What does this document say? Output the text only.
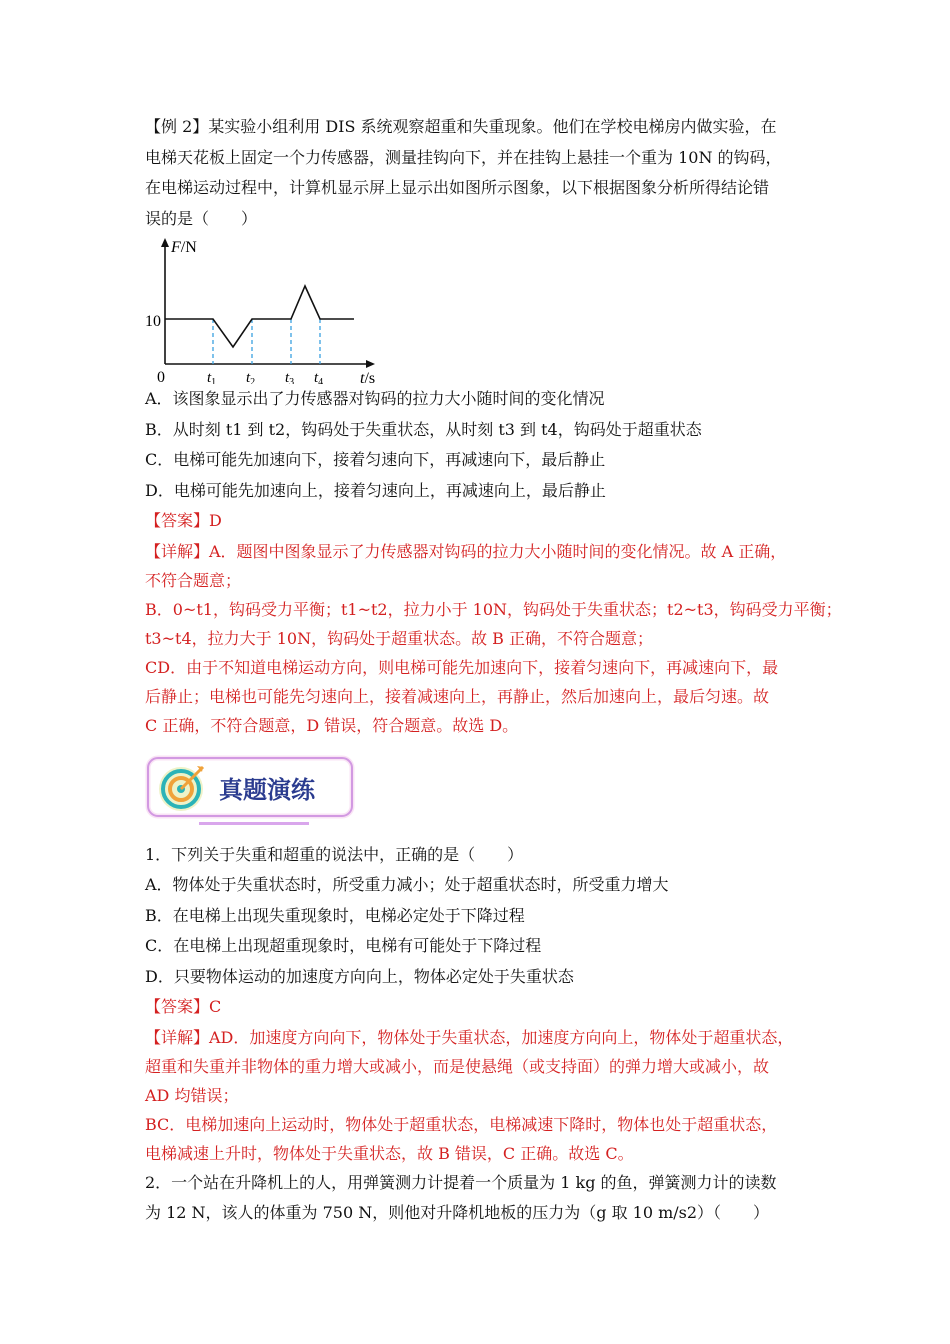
【例 2】某实验小组利用 DIS 系统观察超重和失重现象。他们在学校电梯房内做实验，在
电梯天花板上固定一个力传感器，测量挂钩向下，并在挂钩上悬挂一个重为 10N 的钩码，
在电梯运动过程中，计算机显示屏上显示出如图所示图象，以下根据图象分析所得结论错
误的是（　　）
F/N
10
0	t/s
$t_1$ $t_2$ $t_3$ $t_4$
A．该图象显示出了力传感器对钩码的拉力大小随时间的变化情况
B．从时刻 t1 到 t2，钩码处于失重状态，从时刻 t3 到 t4，钩码处于超重状态
C．电梯可能先加速向下，接着匀速向下，再减速向下，最后静止
D．电梯可能先加速向上，接着匀速向上，再减速向上，最后静止
【答案】D
【详解】A．题图中图象显示了力传感器对钩码的拉力大小随时间的变化情况。故 A 正确，
不符合题意；
B．0~t1，钩码受力平衡；t1~t2，拉力小于 10N，钩码处于失重状态；t2~t3，钩码受力平衡；
t3~t4，拉力大于 10N，钩码处于超重状态。故 B 正确，不符合题意；
CD．由于不知道电梯运动方向，则电梯可能先加速向下，接着匀速向下，再减速向下，最
后静止；电梯也可能先匀速向上，接着减速向上，再静止，然后加速向上，最后匀速。故
C 正确，不符合题意，D 错误，符合题意。故选 D。
真题演练
1．下列关于失重和超重的说法中，正确的是（　　）
A．物体处于失重状态时，所受重力减小；处于超重状态时，所受重力增大
B．在电梯上出现失重现象时，电梯必定处于下降过程
C．在电梯上出现超重现象时，电梯有可能处于下降过程
D．只要物体运动的加速度方向向上，物体必定处于失重状态
【答案】C
【详解】AD．加速度方向向下，物体处于失重状态，加速度方向向上，物体处于超重状态，
超重和失重并非物体的重力增大或减小，而是使悬绳（或支持面）的弹力增大或减小，故
AD 均错误；
BC．电梯加速向上运动时，物体处于超重状态，电梯减速下降时，物体也处于超重状态，
电梯减速上升时，物体处于失重状态，故 B 错误，C 正确。故选 C。
2．一个站在升降机上的人，用弹簧测力计提着一个质量为 1 kg 的鱼，弹簧测力计的读数
为 12 N，该人的体重为 750 N，则他对升降机地板的压力为（g 取 10 m/s2）（　　）
